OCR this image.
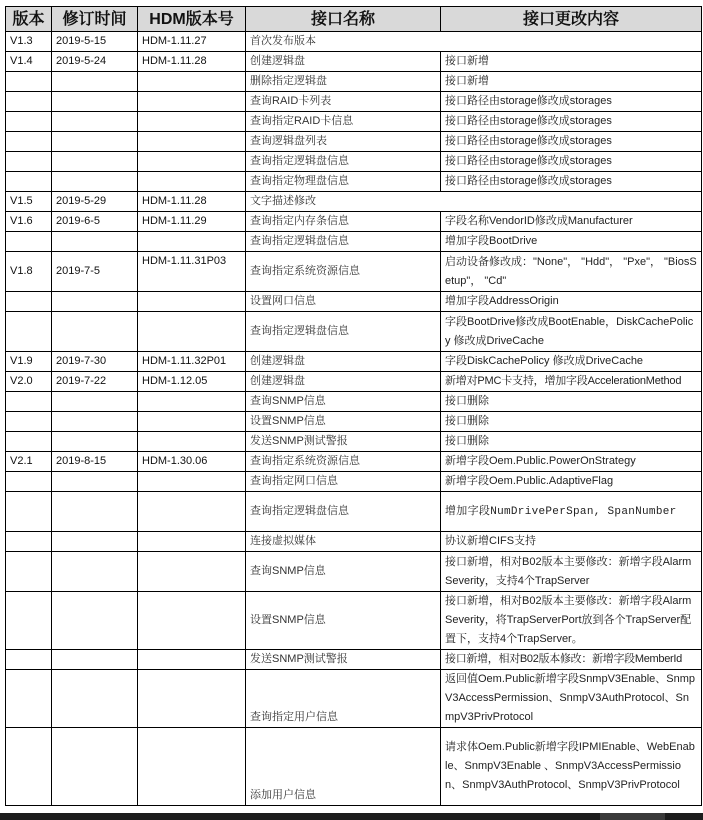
版本	修订时间	HDM版本号	接口名称	接口更改内容
V1.3	2019-5-15	HDM-1.11.27	首次发布版本	
V1.4	2019-5-24	HDM-1.11.28	创建逻辑盘	接口新增
			删除指定逻辑盘	接口新增
			查询RAID卡列表	接口路径由storage修改成storages
			查询指定RAID卡信息	接口路径由storage修改成storages
			查询逻辑盘列表	接口路径由storage修改成storages
			查询指定逻辑盘信息	接口路径由storage修改成storages
			查询指定物理盘信息	接口路径由storage修改成storages
V1.5	2019-5-29	HDM-1.11.28	文字描述修改	
V1.6	2019-6-5	HDM-1.11.29	查询指定内存条信息	字段名称VendorID修改成Manufacturer
			查询指定逻辑盘信息	增加字段BootDrive
V1.8	2019-7-5	HDM-1.11.31P03	查询指定系统资源信息	启动设备修改成："None"， "Hdd"， "Pxe"， "BiosSetup"， "Cd"
			设置网口信息	增加字段AddressOrigin
			查询指定逻辑盘信息	字段BootDrive修改成BootEnable，DiskCachePolicy 修改成DriveCache
V1.9	2019-7-30	HDM-1.11.32P01	创建逻辑盘	字段DiskCachePolicy 修改成DriveCache
V2.0	2019-7-22	HDM-1.12.05	创建逻辑盘	新增对PMC卡支持，增加字段AccelerationMethod
			查询SNMP信息	接口删除
			设置SNMP信息	接口删除
			发送SNMP测试警报	接口删除
V2.1	2019-8-15	HDM-1.30.06	查询指定系统资源信息	新增字段Oem.Public.PowerOnStrategy
			查询指定网口信息	新增字段Oem.Public.AdaptiveFlag
			查询指定逻辑盘信息	增加字段NumDrivePerSpan, SpanNumber
			连接虚拟媒体	协议新增CIFS支持
			查询SNMP信息	接口新增，相对B02版本主要修改：新增字段AlarmSeverity，支持4个TrapServer
			设置SNMP信息	接口新增，相对B02版本主要修改：新增字段AlarmSeverity，将TrapServerPort放到各个TrapServer配置下，支持4个TrapServer。
			发送SNMP测试警报	接口新增，相对B02版本修改：新增字段MemberId
			查询指定用户信息	返回值Oem.Public新增字段SnmpV3Enable、SnmpV3AccessPermission、SnmpV3AuthProtocol、SnmpV3PrivProtocol
			添加用户信息	请求体Oem.Public新增字段IPMIEnable、WebEnable、SnmpV3Enable 、SnmpV3AccessPermission、SnmpV3AuthProtocol、SnmpV3PrivProtocol
